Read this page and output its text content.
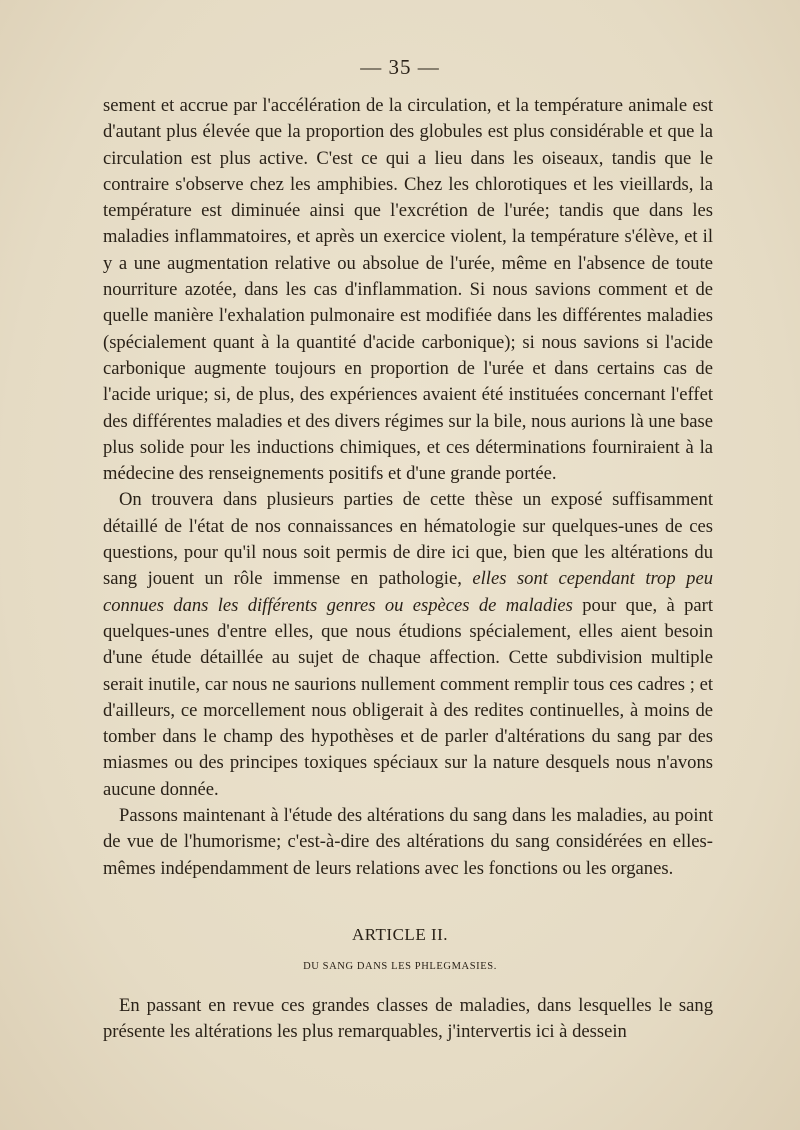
— 35 —

sement et accrue par l'accélération de la circulation, et la température animale est d'autant plus élevée que la proportion des globules est plus considérable et que la circulation est plus active. C'est ce qui a lieu dans les oiseaux, tandis que le contraire s'observe chez les amphibies. Chez les chlorotiques et les vieillards, la température est diminuée ainsi que l'excrétion de l'urée; tandis que dans les maladies inflammatoires, et après un exercice violent, la température s'élève, et il y a une augmentation relative ou absolue de l'urée, même en l'absence de toute nourriture azotée, dans les cas d'inflammation. Si nous savions comment et de quelle manière l'exhalation pulmonaire est modifiée dans les différentes maladies (spécialement quant à la quantité d'acide carbonique); si nous savions si l'acide carbonique augmente toujours en proportion de l'urée et dans certains cas de l'acide urique; si, de plus, des expériences avaient été instituées concernant l'effet des différentes maladies et des divers régimes sur la bile, nous aurions là une base plus solide pour les inductions chimiques, et ces déterminations fourniraient à la médecine des renseignements positifs et d'une grande portée.

On trouvera dans plusieurs parties de cette thèse un exposé suffisamment détaillé de l'état de nos connaissances en hématologie sur quelques-unes de ces questions, pour qu'il nous soit permis de dire ici que, bien que les altérations du sang jouent un rôle immense en pathologie, elles sont cependant trop peu connues dans les différents genres ou espèces de maladies pour que, à part quelques-unes d'entre elles, que nous étudions spécialement, elles aient besoin d'une étude détaillée au sujet de chaque affection. Cette subdivision multiple serait inutile, car nous ne saurions nullement comment remplir tous ces cadres ; et d'ailleurs, ce morcellement nous obligerait à des redites continuelles, à moins de tomber dans le champ des hypothèses et de parler d'altérations du sang par des miasmes ou des principes toxiques spéciaux sur la nature desquels nous n'avons aucune donnée.

Passons maintenant à l'étude des altérations du sang dans les maladies, au point de vue de l'humorisme; c'est-à-dire des altérations du sang considérées en elles-mêmes indépendamment de leurs relations avec les fonctions ou les organes.

ARTICLE II.
DU SANG DANS LES PHLEGMASIES.

En passant en revue ces grandes classes de maladies, dans lesquelles le sang présente les altérations les plus remarquables, j'intervertis ici à dessein
